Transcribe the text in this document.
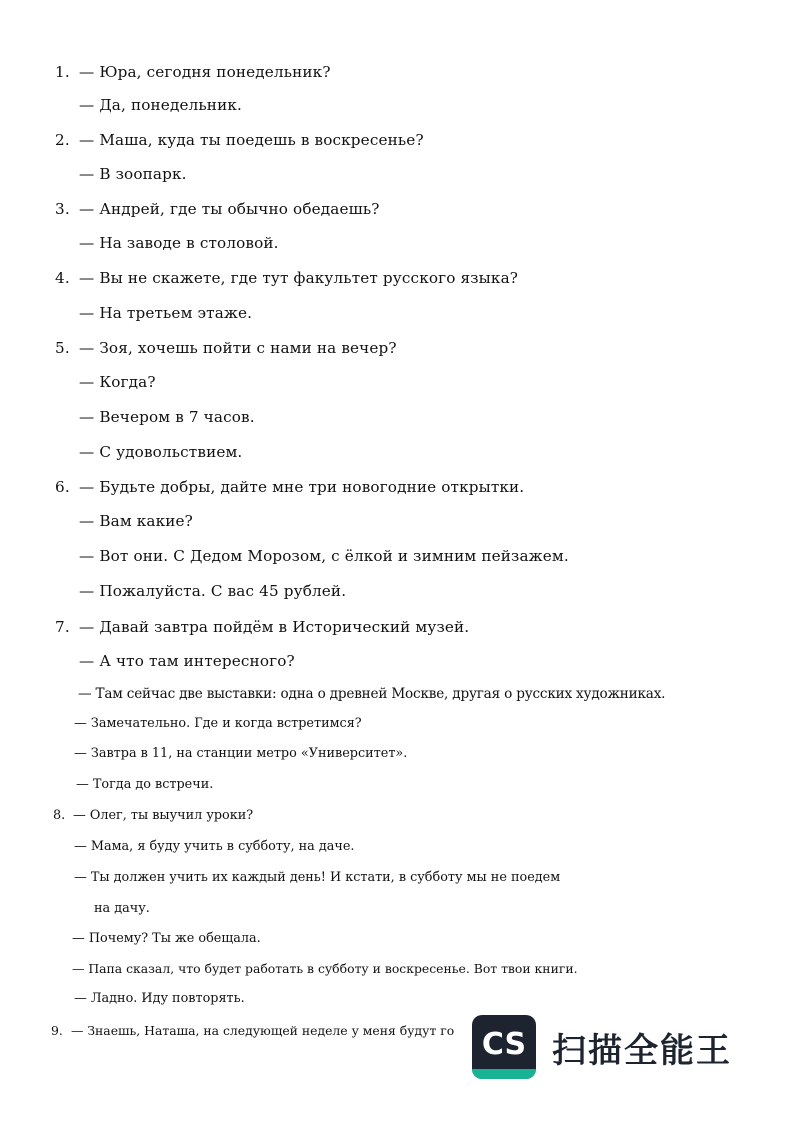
1. — Юра, сегодня понедельник?
— Да, понедельник.
2. — Маша, куда ты поедешь в воскресенье?
— В зоопарк.
3. — Андрей, где ты обычно обедаешь?
— На заводе в столовой.
4. — Вы не скажете, где тут факультет русского языка?
— На третьем этаже.
5. — Зоя, хочешь пойти с нами на вечер?
— Когда?
— Вечером в 7 часов.
— С удовольствием.
6. — Будьте добры, дайте мне три новогодние открытки.
— Вам какие?
— Вот они. С Дедом Морозом, с ёлкой и зимним пейзажем.
— Пожалуйста. С вас 45 рублей.
7. — Давай завтра пойдём в Исторический музей.
— А что там интересного?
— Там сейчас две выставки: одна о древней Москве, другая о русских художниках.
— Замечательно. Где и когда встретимся?
— Завтра в 11, на станции метро «Университет».
— Тогда до встречи.
8. — Олег, ты выучил уроки?
— Мама, я буду учить в субботу, на даче.
— Ты должен учить их каждый день! И кстати, в субботу мы не поедем
на дачу.
— Почему? Ты же обещала.
— Папа сказал, что будет работать в субботу и воскресенье. Вот твои книги.
— Ладно. Иду повторять.
9. — Знаешь, Наташа, на следующей неделе у меня будут го CS 扫描全能王
